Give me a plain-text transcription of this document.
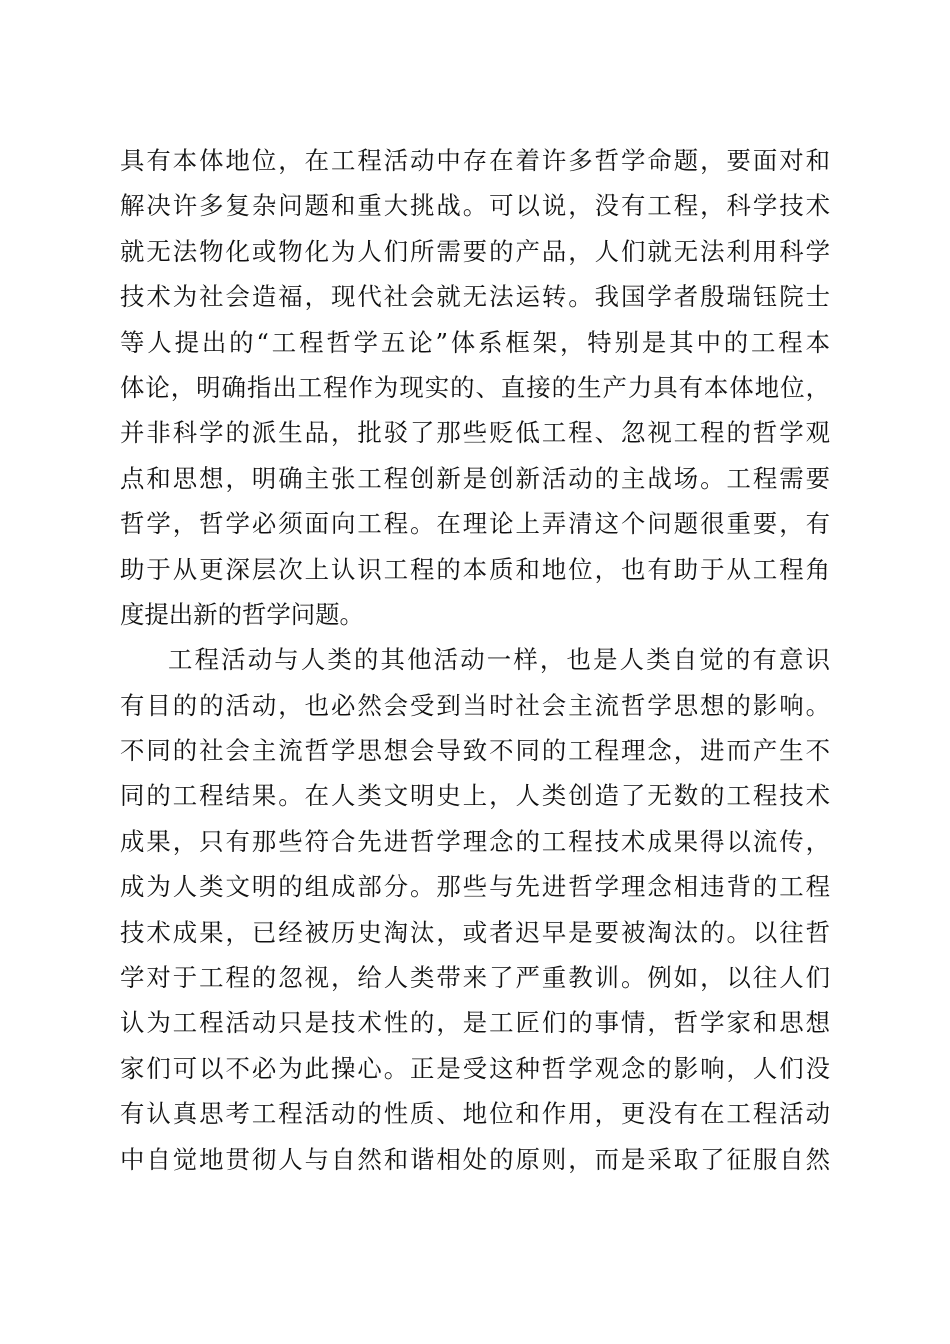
具有本体地位，在工程活动中存在着许多哲学命题，要面对和
解决许多复杂问题和重大挑战。可以说，没有工程，科学技术
就无法物化或物化为人们所需要的产品，人们就无法利用科学
技术为社会造福，现代社会就无法运转。我国学者殷瑞钰院士
等人提出的“工程哲学五论”体系框架，特别是其中的工程本
体论，明确指出工程作为现实的、直接的生产力具有本体地位，
并非科学的派生品，批驳了那些贬低工程、忽视工程的哲学观
点和思想，明确主张工程创新是创新活动的主战场。工程需要
哲学，哲学必须面向工程。在理论上弄清这个问题很重要，有
助于从更深层次上认识工程的本质和地位，也有助于从工程角
度提出新的哲学问题。
工程活动与人类的其他活动一样，也是人类自觉的有意识
有目的的活动，也必然会受到当时社会主流哲学思想的影响。
不同的社会主流哲学思想会导致不同的工程理念，进而产生不
同的工程结果。在人类文明史上，人类创造了无数的工程技术
成果，只有那些符合先进哲学理念的工程技术成果得以流传，
成为人类文明的组成部分。那些与先进哲学理念相违背的工程
技术成果，已经被历史淘汰，或者迟早是要被淘汰的。以往哲
学对于工程的忽视，给人类带来了严重教训。例如，以往人们
认为工程活动只是技术性的，是工匠们的事情，哲学家和思想
家们可以不必为此操心。正是受这种哲学观念的影响，人们没
有认真思考工程活动的性质、地位和作用，更没有在工程活动
中自觉地贯彻人与自然和谐相处的原则，而是采取了征服自然
